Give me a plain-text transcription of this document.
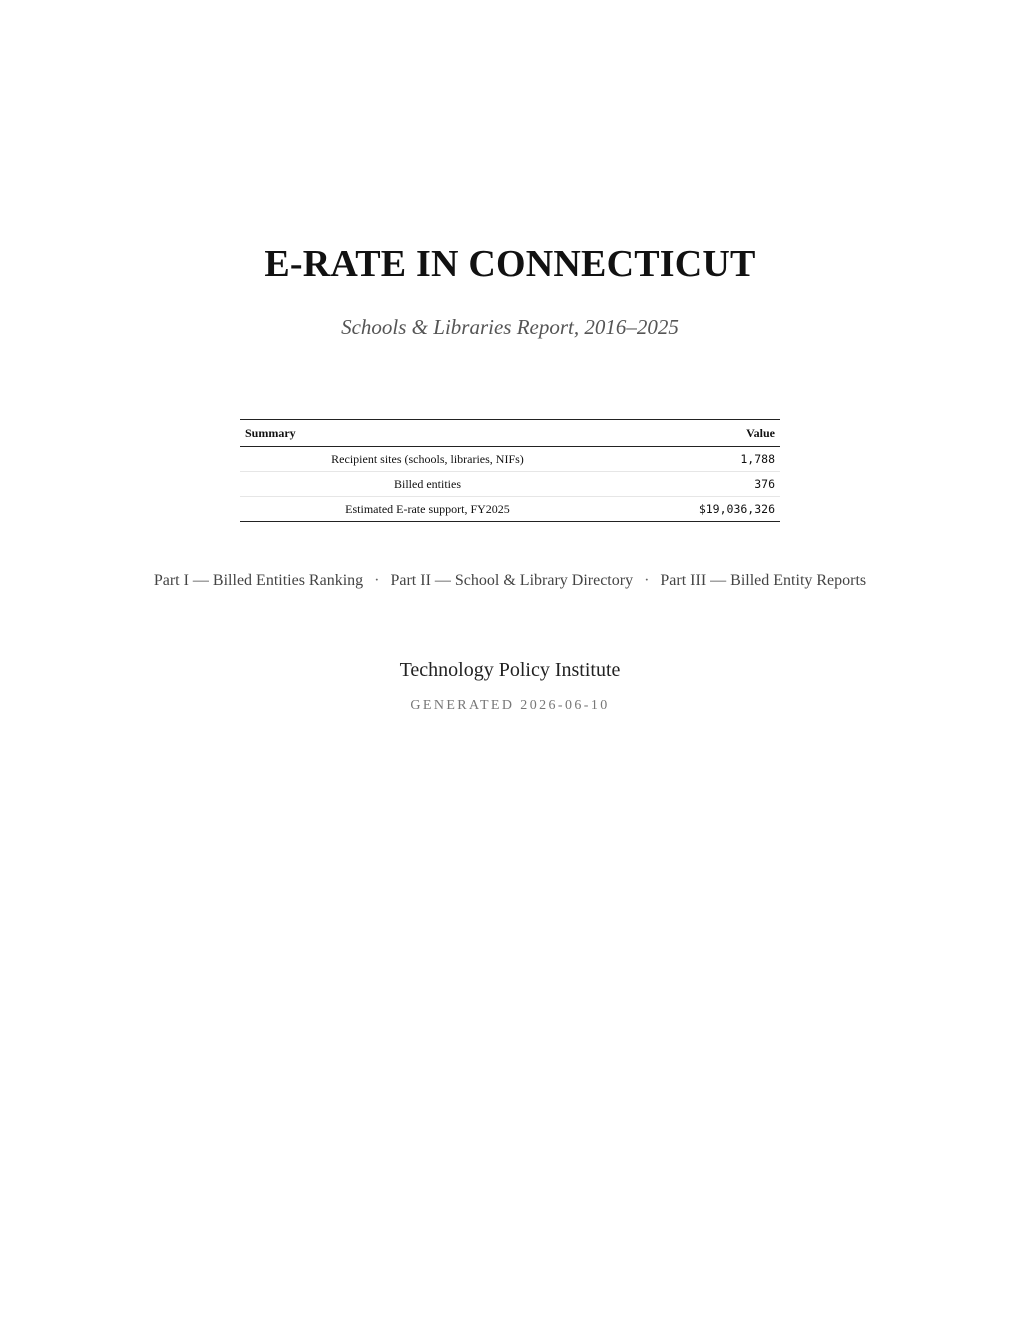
E-RATE IN CONNECTICUT
Schools & Libraries Report, 2016–2025
Summary	Value
Recipient sites (schools, libraries, NIFs)	1,788
Billed entities	376
Estimated E-rate support, FY2025	$19,036,326
Part I — Billed Entities Ranking · Part II — School & Library Directory · Part III — Billed Entity Reports
Technology Policy Institute
GENERATED 2026-06-10
